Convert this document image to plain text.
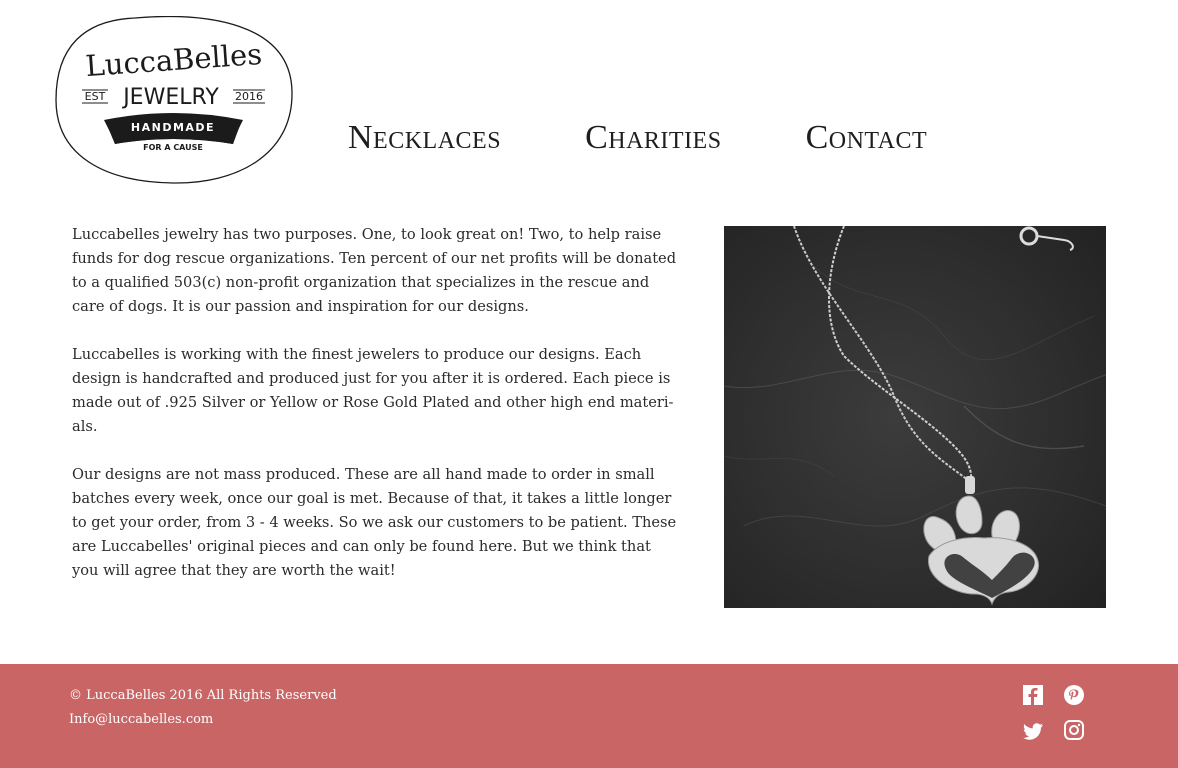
LuccaBelles
EST JEWELRY 2016
HANDMADE
FOR A CAUSE	Necklaces Charities Contact

Luccabelles jewelry has two purposes. One, to look great on! Two, to help raise funds for dog rescue organizations. Ten percent of our net profits will be donated to a qualified 503(c) non-profit organization that specializes in the rescue and care of dogs. It is our passion and inspiration for our designs.

Luccabelles is working with the finest jewelers to produce our designs. Each design is handcrafted and produced just for you after it is ordered. Each piece is made out of .925 Silver or Yellow or Rose Gold Plated and other high end materi-als.

Our designs are not mass produced. These are all hand made to order in small batches every week, once our goal is met. Because of that, it takes a little longer to get your order, from 3 - 4 weeks. So we ask our customers to be patient. These are Luccabelles' original pieces and can only be found here. But we think that you will agree that they are worth the wait!

© LuccaBelles 2016 All Rights Reserved
Info@luccabelles.com
